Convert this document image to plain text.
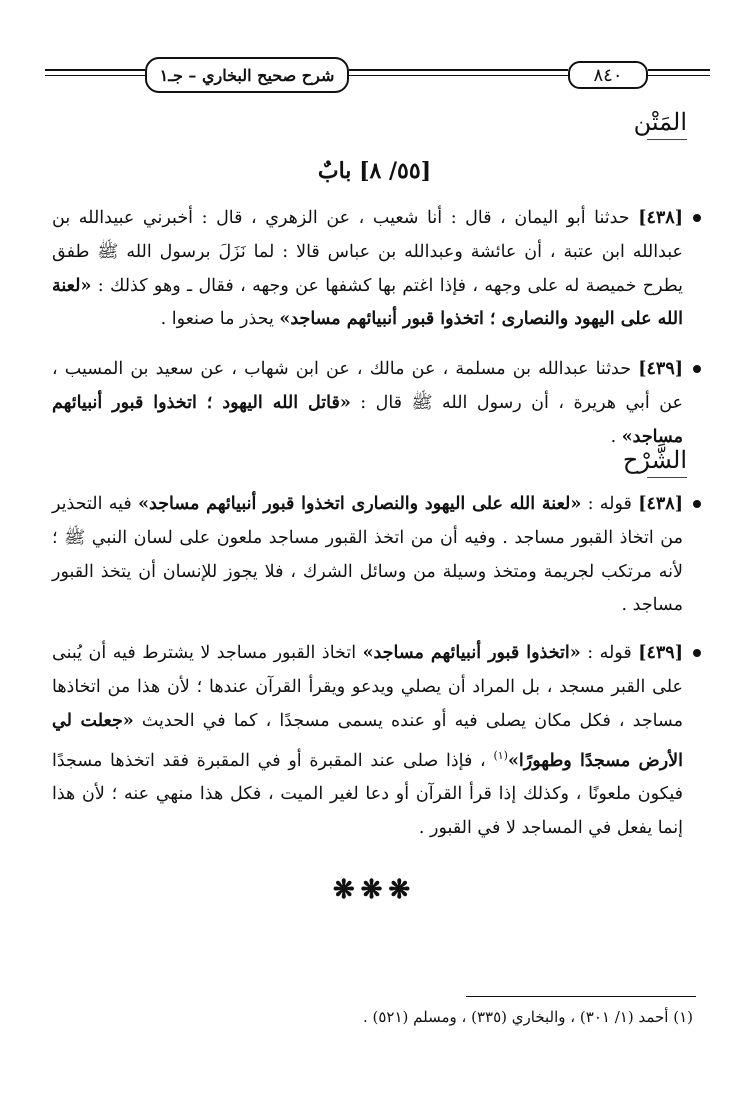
شرح صحيح البخاري – جـ١	٨٤٠
المَتْن
[٥٥/ ٨] بابٌ

[٤٣٨] حدثنا أبو اليمان ، قال : أنا شعيب ، عن الزهري ، قال : أخبرني عبيدالله بن عبدالله ابن عتبة ، أن عائشة وعبدالله بن عباس قالا : لما نَزَلَ برسول الله ﷺ طفق يطرح خميصة له على وجهه ، فإذا اغتم بها كشفها عن وجهه ، فقال ـ وهو كذلك : «لعنة الله على اليهود والنصارى ؛ اتخذوا قبور أنبيائهم مساجد» يحذر ما صنعوا .

[٤٣٩] حدثنا عبدالله بن مسلمة ، عن مالك ، عن ابن شهاب ، عن سعيد بن المسيب ، عن أبي هريرة ، أن رسول الله ﷺ قال : «قاتل الله اليهود ؛ اتخذوا قبور أنبيائهم مساجد» .

الشَّرْح

[٤٣٨] قوله : «لعنة الله على اليهود والنصارى اتخذوا قبور أنبيائهم مساجد» فيه التحذير من اتخاذ القبور مساجد . وفيه أن من اتخذ القبور مساجد ملعون على لسان النبي ﷺ ؛ لأنه مرتكب لجريمة ومتخذ وسيلة من وسائل الشرك ، فلا يجوز للإنسان أن يتخذ القبور مساجد .

[٤٣٩] قوله : «اتخذوا قبور أنبيائهم مساجد» اتخاذ القبور مساجد لا يشترط فيه أن يُبنى على القبر مسجد ، بل المراد أن يصلي ويدعو ويقرأ القرآن عندها ؛ لأن هذا من اتخاذها مساجد ، فكل مكان يصلى فيه أو عنده يسمى مسجدًا ، كما في الحديث «جعلت لي الأرض مسجدًا وطهورًا»$^{(١)}$ ، فإذا صلى عند المقبرة أو في المقبرة فقد اتخذها مسجدًا فيكون ملعونًا ، وكذلك إذا قرأ القرآن أو دعا لغير الميت ، فكل هذا منهي عنه ؛ لأن هذا إنما يفعل في المساجد لا في القبور .

❋❋❋
(١) أحمد (١/ ٣٠١) ، والبخاري (٣٣٥) ، ومسلم (٥٢١) .
